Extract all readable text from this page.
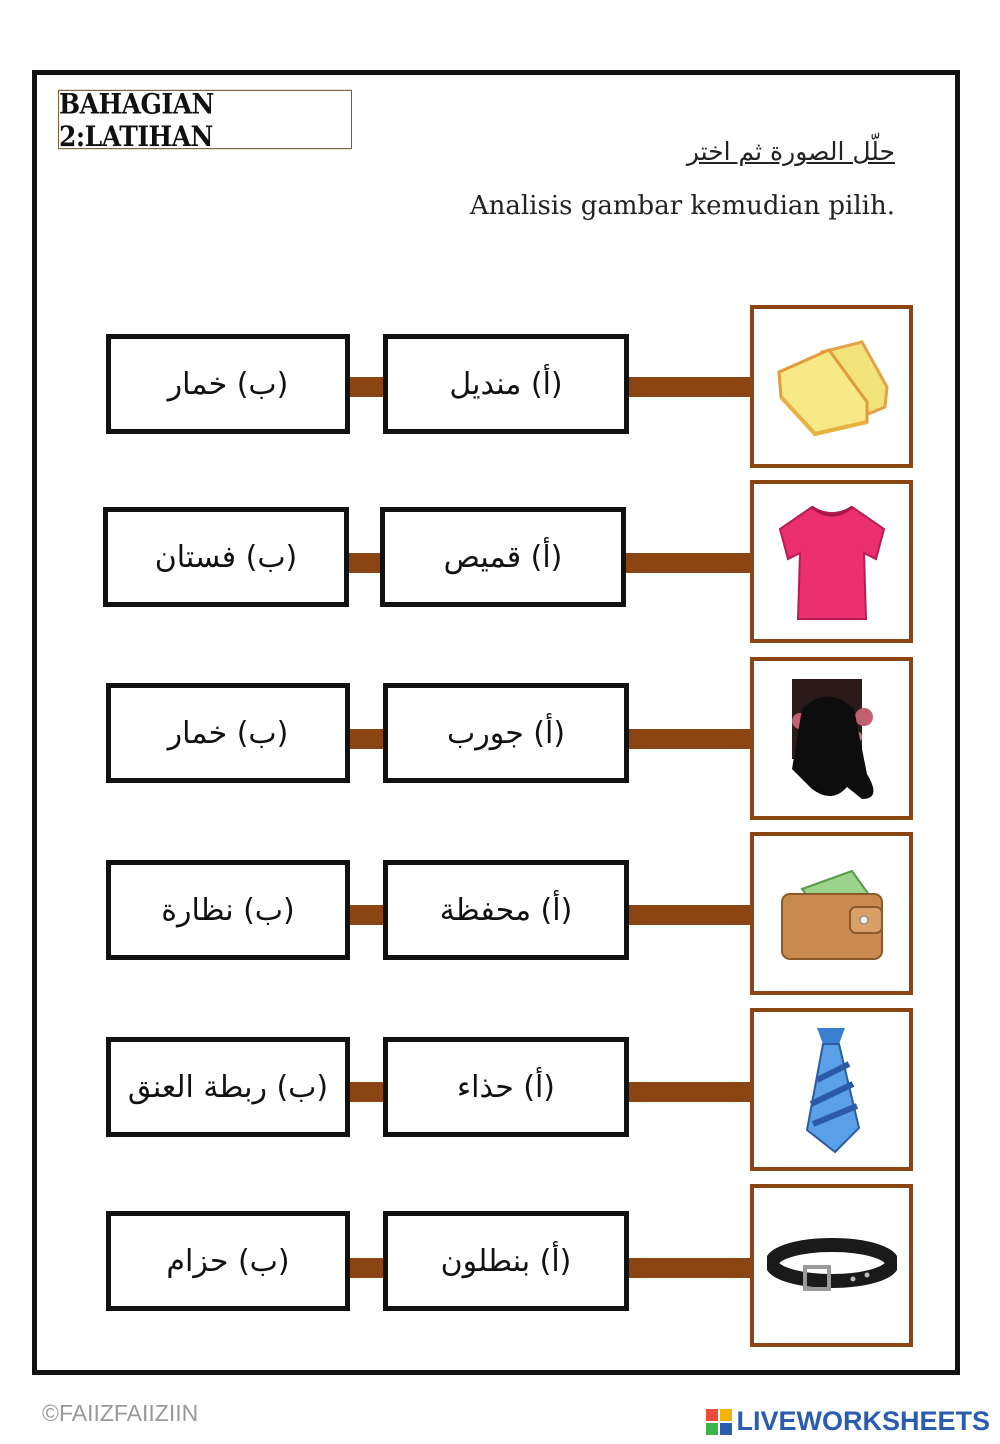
BAHAGIAN 2:LATIHAN	حلّل الصورة ثم اختر
Analisis gambar kemudian pilih.
(ب) خمار	(أ) منديل
(ب) فستان	(أ) قميص
(ب) خمار	(أ) جورب
(ب) نظارة	(أ) محفظة
(ب) ربطة العنق	(أ) حذاء
(ب) حزام	(أ) بنطلون
©FAIIZFAIIZIIN	LIVEWORKSHEETS
